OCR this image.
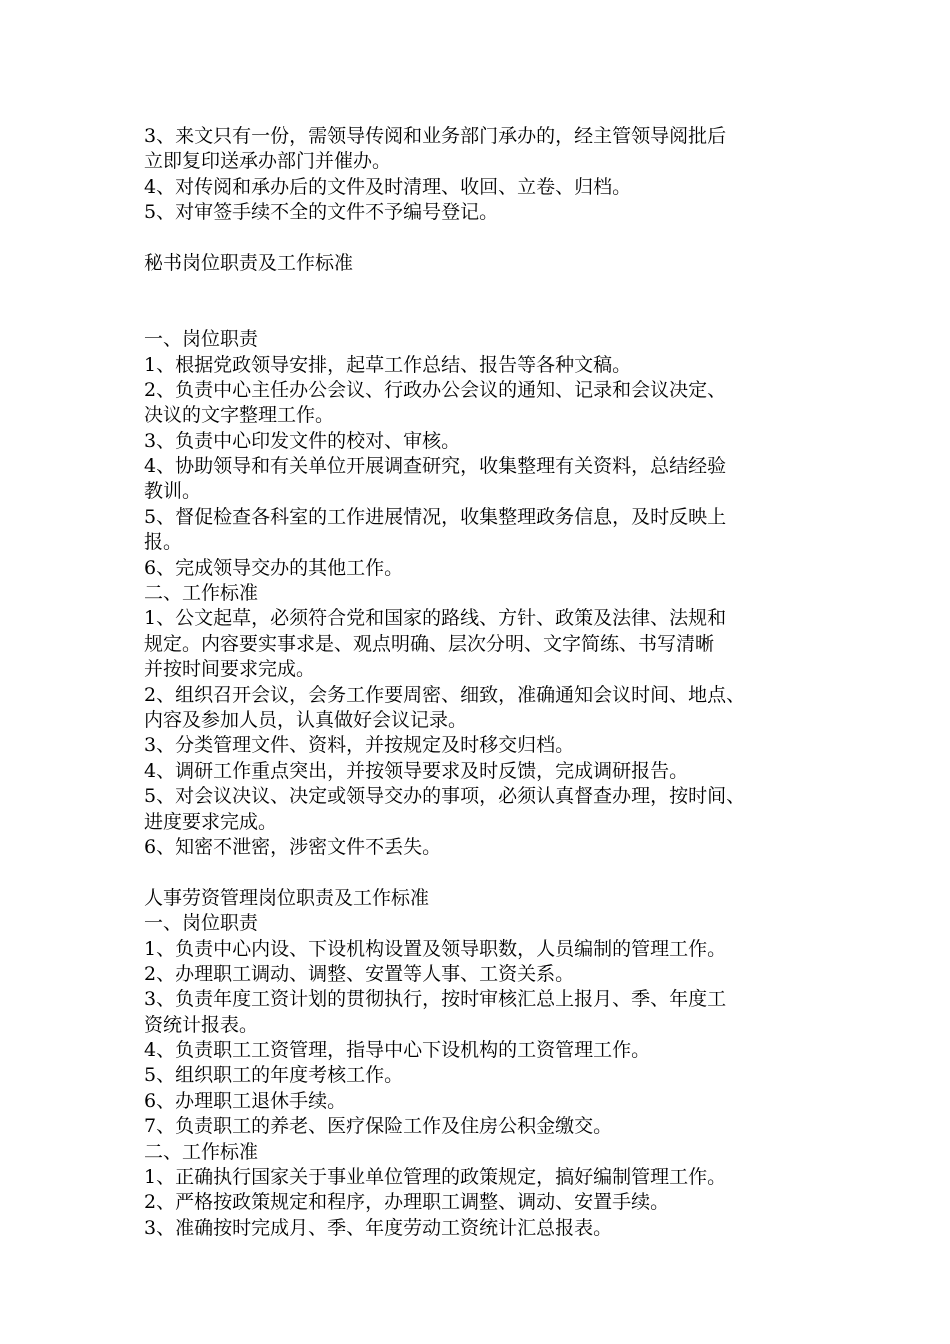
3、来文只有一份，需领导传阅和业务部门承办的，经主管领导阅批后
立即复印送承办部门并催办。
4、对传阅和承办后的文件及时清理、收回、立卷、归档。
5、对审签手续不全的文件不予编号登记。
秘书岗位职责及工作标准
一、岗位职责
1、根据党政领导安排，起草工作总结、报告等各种文稿。
2、负责中心主任办公会议、行政办公会议的通知、记录和会议决定、
决议的文字整理工作。
3、负责中心印发文件的校对、审核。
4、协助领导和有关单位开展调查研究，收集整理有关资料，总结经验
教训。
5、督促检查各科室的工作进展情况，收集整理政务信息，及时反映上
报。
6、完成领导交办的其他工作。
二、工作标准
1、公文起草，必须符合党和国家的路线、方针、政策及法律、法规和
规定。内容要实事求是、观点明确、层次分明、文字简练、书写清晰
并按时间要求完成。
2、组织召开会议，会务工作要周密、细致，准确通知会议时间、地点、
内容及参加人员，认真做好会议记录。
3、分类管理文件、资料，并按规定及时移交归档。
4、调研工作重点突出，并按领导要求及时反馈，完成调研报告。
5、对会议决议、决定或领导交办的事项，必须认真督查办理，按时间、
进度要求完成。
6、知密不泄密，涉密文件不丢失。
人事劳资管理岗位职责及工作标准
一、岗位职责
1、负责中心内设、下设机构设置及领导职数，人员编制的管理工作。
2、办理职工调动、调整、安置等人事、工资关系。
3、负责年度工资计划的贯彻执行，按时审核汇总上报月、季、年度工
资统计报表。
4、负责职工工资管理，指导中心下设机构的工资管理工作。
5、组织职工的年度考核工作。
6、办理职工退休手续。
7、负责职工的养老、医疗保险工作及住房公积金缴交。
二、工作标准
1、正确执行国家关于事业单位管理的政策规定，搞好编制管理工作。
2、严格按政策规定和程序，办理职工调整、调动、安置手续。
3、准确按时完成月、季、年度劳动工资统计汇总报表。
